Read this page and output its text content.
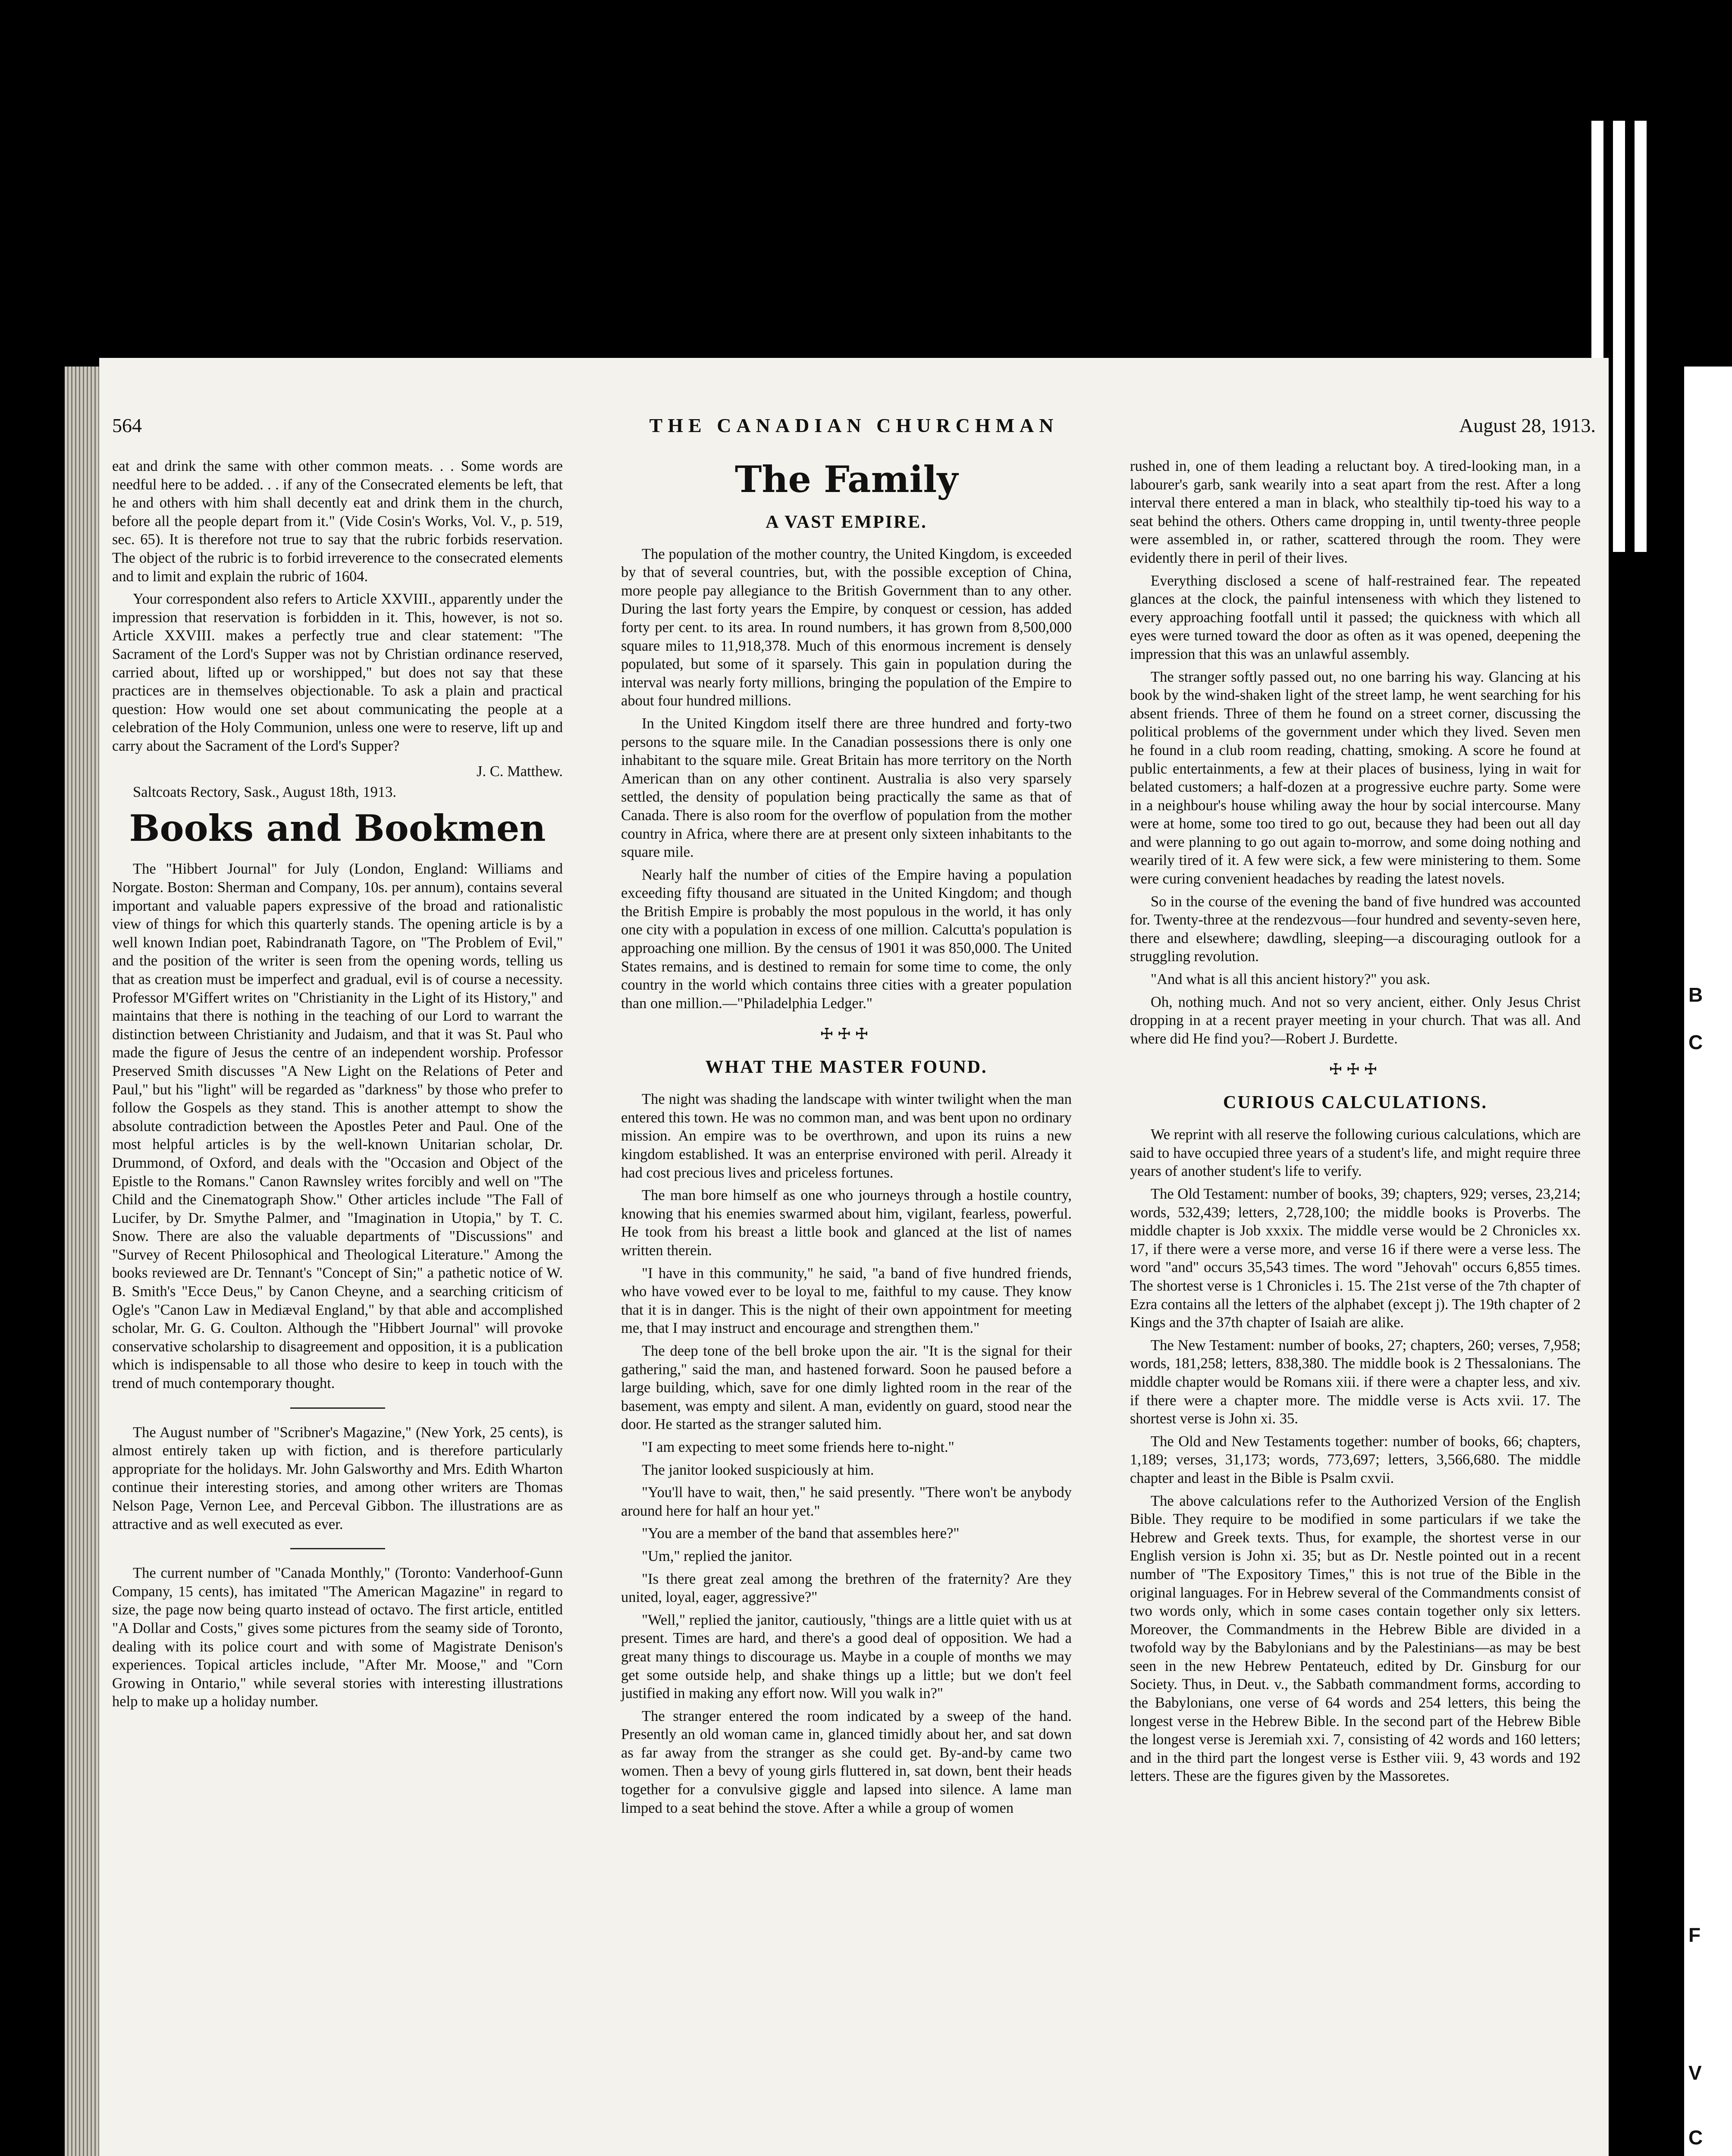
B
C
F
V
C
564	THE CANADIAN CHURCHMAN	August 28, 1913.

eat and drink the same with other common meats. . . Some words are needful here to be added. . . if any of the Consecrated elements be left, that he and others with him shall decently eat and drink them in the church, before all the people depart from it." (Vide Cosin's Works, Vol. V., p. 519, sec. 65). It is therefore not true to say that the rubric forbids reservation. The object of the rubric is to forbid irreverence to the consecrated elements and to limit and explain the rubric of 1604.

Your correspondent also refers to Article XXVIII., apparently under the impression that reservation is forbidden in it. This, however, is not so. Article XXVIII. makes a perfectly true and clear statement: "The Sacrament of the Lord's Supper was not by Christian ordinance reserved, carried about, lifted up or worshipped," but does not say that these practices are in themselves objectionable. To ask a plain and practical question: How would one set about communicating the people at a celebration of the Holy Communion, unless one were to reserve, lift up and carry about the Sacrament of the Lord's Supper?

J. C. Matthew.
Saltcoats Rectory, Sask., August 18th, 1913.
Books and Bookmen

The "Hibbert Journal" for July (London, England: Williams and Norgate. Boston: Sherman and Company, 10s. per annum), contains several important and valuable papers expressive of the broad and rationalistic view of things for which this quarterly stands. The opening article is by a well known Indian poet, Rabindranath Tagore, on "The Problem of Evil," and the position of the writer is seen from the opening words, telling us that as creation must be imperfect and gradual, evil is of course a necessity. Professor M'Giffert writes on "Christianity in the Light of its History," and maintains that there is nothing in the teaching of our Lord to warrant the distinction between Christianity and Judaism, and that it was St. Paul who made the figure of Jesus the centre of an independent worship. Professor Preserved Smith discusses "A New Light on the Relations of Peter and Paul," but his "light" will be regarded as "darkness" by those who prefer to follow the Gospels as they stand. This is another attempt to show the absolute contradiction between the Apostles Peter and Paul. One of the most helpful articles is by the well-known Unitarian scholar, Dr. Drummond, of Oxford, and deals with the "Occasion and Object of the Epistle to the Romans." Canon Rawnsley writes forcibly and well on "The Child and the Cinematograph Show." Other articles include "The Fall of Lucifer, by Dr. Smythe Palmer, and "Imagination in Utopia," by T. C. Snow. There are also the valuable departments of "Discussions" and "Survey of Recent Philosophical and Theological Literature." Among the books reviewed are Dr. Tennant's "Concept of Sin;" a pathetic notice of W. B. Smith's "Ecce Deus," by Canon Cheyne, and a searching criticism of Ogle's "Canon Law in Mediæval England," by that able and accomplished scholar, Mr. G. G. Coulton. Although the "Hibbert Journal" will provoke conservative scholarship to disagreement and opposition, it is a publication which is indispensable to all those who desire to keep in touch with the trend of much contemporary thought.

The August number of "Scribner's Magazine," (New York, 25 cents), is almost entirely taken up with fiction, and is therefore particularly appropriate for the holidays. Mr. John Galsworthy and Mrs. Edith Wharton continue their interesting stories, and among other writers are Thomas Nelson Page, Vernon Lee, and Perceval Gibbon. The illustrations are as attractive and as well executed as ever.

The current number of "Canada Monthly," (Toronto: Vanderhoof-Gunn Company, 15 cents), has imitated "The American Magazine" in regard to size, the page now being quarto instead of octavo. The first article, entitled "A Dollar and Costs," gives some pictures from the seamy side of Toronto, dealing with its police court and with some of Magistrate Denison's experiences. Topical articles include, "After Mr. Moose," and "Corn Growing in Ontario," while several stories with interesting illustrations help to make up a holiday number.

The Family
A VAST EMPIRE.

The population of the mother country, the United Kingdom, is exceeded by that of several countries, but, with the possible exception of China, more people pay allegiance to the British Government than to any other. During the last forty years the Empire, by conquest or cession, has added forty per cent. to its area. In round numbers, it has grown from 8,500,000 square miles to 11,918,378. Much of this enormous increment is densely populated, but some of it sparsely. This gain in population during the interval was nearly forty millions, bringing the population of the Empire to about four hundred millions.

In the United Kingdom itself there are three hundred and forty-two persons to the square mile. In the Canadian possessions there is only one inhabitant to the square mile. Great Britain has more territory on the North American than on any other continent. Australia is also very sparsely settled, the density of population being practically the same as that of Canada. There is also room for the overflow of population from the mother country in Africa, where there are at present only sixteen inhabitants to the square mile.

Nearly half the number of cities of the Empire having a population exceeding fifty thousand are situated in the United Kingdom; and though the British Empire is probably the most populous in the world, it has only one city with a population in excess of one million. Calcutta's population is approaching one million. By the census of 1901 it was 850,000. The United States remains, and is destined to remain for some time to come, the only country in the world which contains three cities with a greater population than one million.—"Philadelphia Ledger."

☩☩☩
WHAT THE MASTER FOUND.

The night was shading the landscape with winter twilight when the man entered this town. He was no common man, and was bent upon no ordinary mission. An empire was to be overthrown, and upon its ruins a new kingdom established. It was an enterprise environed with peril. Already it had cost precious lives and priceless fortunes.

The man bore himself as one who journeys through a hostile country, knowing that his enemies swarmed about him, vigilant, fearless, powerful. He took from his breast a little book and glanced at the list of names written therein.

"I have in this community," he said, "a band of five hundred friends, who have vowed ever to be loyal to me, faithful to my cause. They know that it is in danger. This is the night of their own appointment for meeting me, that I may instruct and encourage and strengthen them."

The deep tone of the bell broke upon the air. "It is the signal for their gathering," said the man, and hastened forward. Soon he paused before a large building, which, save for one dimly lighted room in the rear of the basement, was empty and silent. A man, evidently on guard, stood near the door. He started as the stranger saluted him.

"I am expecting to meet some friends here to-night."

The janitor looked suspiciously at him.

"You'll have to wait, then," he said presently. "There won't be anybody around here for half an hour yet."

"You are a member of the band that assembles here?"

"Um," replied the janitor.

"Is there great zeal among the brethren of the fraternity? Are they united, loyal, eager, aggressive?"

"Well," replied the janitor, cautiously, "things are a little quiet with us at present. Times are hard, and there's a good deal of opposition. We had a great many things to discourage us. Maybe in a couple of months we may get some outside help, and shake things up a little; but we don't feel justified in making any effort now. Will you walk in?"

The stranger entered the room indicated by a sweep of the hand. Presently an old woman came in, glanced timidly about her, and sat down as far away from the stranger as she could get. By-and-by came two women. Then a bevy of young girls fluttered in, sat down, bent their heads together for a convulsive giggle and lapsed into silence. A lame man limped to a seat behind the stove. After a while a group of women

rushed in, one of them leading a reluctant boy. A tired-looking man, in a labourer's garb, sank wearily into a seat apart from the rest. After a long interval there entered a man in black, who stealthily tip-toed his way to a seat behind the others. Others came dropping in, until twenty-three people were assembled in, or rather, scattered through the room. They were evidently there in peril of their lives.

Everything disclosed a scene of half-restrained fear. The repeated glances at the clock, the painful intenseness with which they listened to every approaching footfall until it passed; the quickness with which all eyes were turned toward the door as often as it was opened, deepening the impression that this was an unlawful assembly.

The stranger softly passed out, no one barring his way. Glancing at his book by the wind-shaken light of the street lamp, he went searching for his absent friends. Three of them he found on a street corner, discussing the political problems of the government under which they lived. Seven men he found in a club room reading, chatting, smoking. A score he found at public entertainments, a few at their places of business, lying in wait for belated customers; a half-dozen at a progressive euchre party. Some were in a neighbour's house whiling away the hour by social intercourse. Many were at home, some too tired to go out, because they had been out all day and were planning to go out again to-morrow, and some doing nothing and wearily tired of it. A few were sick, a few were ministering to them. Some were curing convenient headaches by reading the latest novels.

So in the course of the evening the band of five hundred was accounted for. Twenty-three at the rendezvous—four hundred and seventy-seven here, there and elsewhere; dawdling, sleeping—a discouraging outlook for a struggling revolution.

"And what is all this ancient history?" you ask.

Oh, nothing much. And not so very ancient, either. Only Jesus Christ dropping in at a recent prayer meeting in your church. That was all. And where did He find you?—Robert J. Burdette.

☩☩☩
CURIOUS CALCULATIONS.

We reprint with all reserve the following curious calculations, which are said to have occupied three years of a student's life, and might require three years of another student's life to verify.

The Old Testament: number of books, 39; chapters, 929; verses, 23,214; words, 532,439; letters, 2,728,100; the middle books is Proverbs. The middle chapter is Job xxxix. The middle verse would be 2 Chronicles xx. 17, if there were a verse more, and verse 16 if there were a verse less. The word "and" occurs 35,543 times. The word "Jehovah" occurs 6,855 times. The shortest verse is 1 Chronicles i. 15. The 21st verse of the 7th chapter of Ezra contains all the letters of the alphabet (except j). The 19th chapter of 2 Kings and the 37th chapter of Isaiah are alike.

The New Testament: number of books, 27; chapters, 260; verses, 7,958; words, 181,258; letters, 838,380. The middle book is 2 Thessalonians. The middle chapter would be Romans xiii. if there were a chapter less, and xiv. if there were a chapter more. The middle verse is Acts xvii. 17. The shortest verse is John xi. 35.

The Old and New Testaments together: number of books, 66; chapters, 1,189; verses, 31,173; words, 773,697; letters, 3,566,680. The middle chapter and least in the Bible is Psalm cxvii.

The above calculations refer to the Authorized Version of the English Bible. They require to be modified in some particulars if we take the Hebrew and Greek texts. Thus, for example, the shortest verse in our English version is John xi. 35; but as Dr. Nestle pointed out in a recent number of "The Expository Times," this is not true of the Bible in the original languages. For in Hebrew several of the Commandments consist of two words only, which in some cases contain together only six letters. Moreover, the Commandments in the Hebrew Bible are divided in a twofold way by the Babylonians and by the Palestinians—as may be best seen in the new Hebrew Pentateuch, edited by Dr. Ginsburg for our Society. Thus, in Deut. v., the Sabbath commandment forms, according to the Babylonians, one verse of 64 words and 254 letters, this being the longest verse in the Hebrew Bible. In the second part of the Hebrew Bible the longest verse is Jeremiah xxi. 7, consisting of 42 words and 160 letters; and in the third part the longest verse is Esther viii. 9, 43 words and 192 letters. These are the figures given by the Massoretes.
